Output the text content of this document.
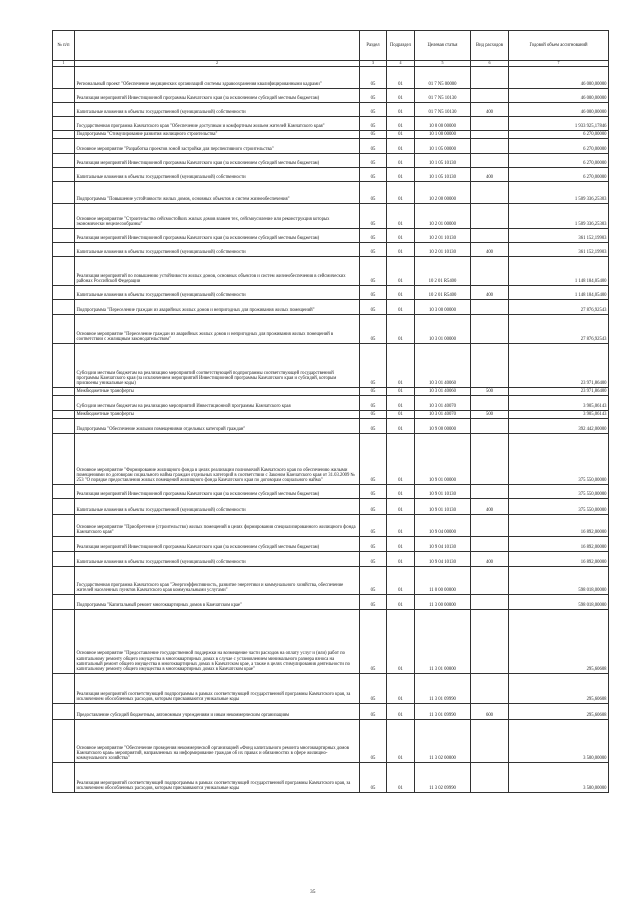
№ п/п		Раздел	Подраздел	Целевая статья	Вид расходов	Годовой объем ассигнований
1	2	3	4	5	6	7
	Региональный проект "Обеспечение медицинских организаций системы здравоохранения квалифицированными кадрами"	05	01	01 7 N5 00000		46 000,00000
	Реализация мероприятий Инвестиционной программы Камчатского края (за исключением субсидий местным бюджетам)	05	01	01 7 N5 10130		46 000,00000
	Капитальные вложения в объекты государственной (муниципальной) собственности	05	01	01 7 N5 10130	400	46 000,00000
	Государственная программа Камчатского края "Обеспечение доступным и комфортным жильем жителей Камчатского края"	05	01	10 0 00 00000		1 933 925,17846
	Подпрограмма "Стимулирование развития жилищного строительства"	05	01	10 1 00 00000		6 270,00000
	Основное мероприятие "Разработка проектов зоной застройки для перспективного строительства"	05	01	10 1 05 00000		6 270,00000
	Реализация мероприятий Инвестиционной программы Камчатского края (за исключением субсидий местным бюджетам)	05	01	10 1 05 10130		6 270,00000
	Капитальные вложения в объекты государственной (муниципальной) собственности	05	01	10 1 05 10130	400	6 270,00000
	Подпрограмма "Повышение устойчивости жилых домов, основных объектов и систем жизнеобеспечения"	05	01	10 2 00 00000		1 509 336,25303
	Основное мероприятие "Строительство сейсмостойких жилых домов взамен тех, сейсмоусиление или реконструкция которых экономически нецелесообразны"	05	01	10 2 01 00000		1 509 336,25303
	Реализация мероприятий Инвестиционной программы Камчатского края (за исключением субсидий местным бюджетам)	05	01	10 2 01 10130		361 152,19903
	Капитальные вложения в объекты государственной (муниципальной) собственности	05	01	10 2 01 10130	400	361 152,19903
	Реализация мероприятий по повышению устойчивости жилых домов, основных объектов и систем жизнеобеспечения в сейсмических районах Российской Федерации	05	01	10 2 01 R5400		1 148 184,05400
	Капитальные вложения в объекты государственной (муниципальной) собственности	05	01	10 2 01 R5400	400	1 148 184,05400
	Подпрограмма "Переселение граждан из аварийных жилых домов и непригодных для проживания жилых помещений"	05	01	10 3 00 00000		27 876,92543
	Основное мероприятие "Переселение граждан из аварийных жилых домов и непригодных для проживания жилых помещений в соответствии с жилищным законодательством"	05	01	10 3 01 00000		27 876,92543
	Субсидии местным бюджетам на реализацию мероприятий соответствующей подпрограммы соответствующей государственной программы Камчатского края (за исключением мероприятий Инвестиционной программы Камчатского края и субсидий, которым присвоены уникальные коды)	05	01	10 3 01 40060		23 971,86400
	Межбюджетные трансферты	05	01	10 3 01 40060	500	23 971,86400
	Субсидии местным бюджетам на реализацию мероприятий Инвестиционной программы Камчатского края	05	01	10 3 01 40070		3 905,06143
	Межбюджетные трансферты	05	01	10 3 01 40070	500	3 905,06143
	Подпрограмма "Обеспечение жилыми помещениями отдельных категорий граждан"	05	01	10 9 00 00000		392 442,00000
	Основное мероприятие "Формирование жилищного фонда в целях реализации полномочий Камчатского края по обеспечению жилыми помещениями по договорам социального найма граждан отдельных категорий в соответствии с Законом Камчатского края от 31.03.2009 № 253 "О порядке предоставления жилых помещений жилищного фонда Камчатского края по договорам социального найма"	05	01	10 9 01 00000		375 550,00000
	Реализация мероприятий Инвестиционной программы Камчатского края (за исключением субсидий местным бюджетам)	05	01	10 9 01 10130		375 550,00000
	Капитальные вложения в объекты государственной (муниципальной) собственности	05	01	10 9 01 10130	400	375 550,00000
	Основное мероприятие "Приобретение (строительство) жилых помещений в целях формирования специализированного жилищного фонда Камчатского края"	05	01	10 9 04 00000		16 892,00000
	Реализация мероприятий Инвестиционной программы Камчатского края (за исключением субсидий местным бюджетам)	05	01	10 9 04 10130		16 892,00000
	Капитальные вложения в объекты государственной (муниципальной) собственности	05	01	10 9 04 10130	400	16 892,00000
	Государственная программа Камчатского края "Энергоэффективность, развитие энергетики и коммунального хозяйства, обеспечение жителей населенных пунктов Камчатского края коммунальными услугами"	05	01	11 0 00 00000		598 018,00000
	Подпрограмма "Капитальный ремонт многоквартирных домов в Камчатском крае"	05	01	11 3 00 00000		598 018,00000
	Основное мероприятие "Предоставление государственной поддержки на возмещение части расходов на оплату услуг и (или) работ по капитальному ремонту общего имущества в многоквартирных домах в случае с установлением минимального размера взноса на капитальный ремонт общего имущества в многоквартирных домах в Камчатском крае, а также в целях стимулирования деятельности по капитальному ремонту общего имущества в многоквартирных домах в Камчатском крае"	05	01	11 3 01 00000		295,60608
	Реализация мероприятий соответствующей подпрограммы в рамках соответствующей государственной программы Камчатского края, за исключением обособленных расходов, которым присваиваются уникальные коды	05	01	11 3 01 09990		295,60608
	Предоставление субсидий бюджетным, автономным учреждениям и иным некоммерческим организациям	05	01	11 3 01 09990	600	295,60608
	Основное мероприятие "Обеспечение проведения некоммерческой организацией «Фонд капитального ремонта многоквартирных домов Камчатского края» мероприятий, направленных на информирование граждан об их правах и обязанностях в сфере жилищно-коммунального хозяйства"	05	01	11 3 02 00000		3 500,00000
	Реализация мероприятий соответствующей подпрограммы в рамках соответствующей государственной программы Камчатского края, за исключением обособленных расходов, которым присваиваются уникальные коды	05	01	11 3 02 09990		3 500,00000
35
